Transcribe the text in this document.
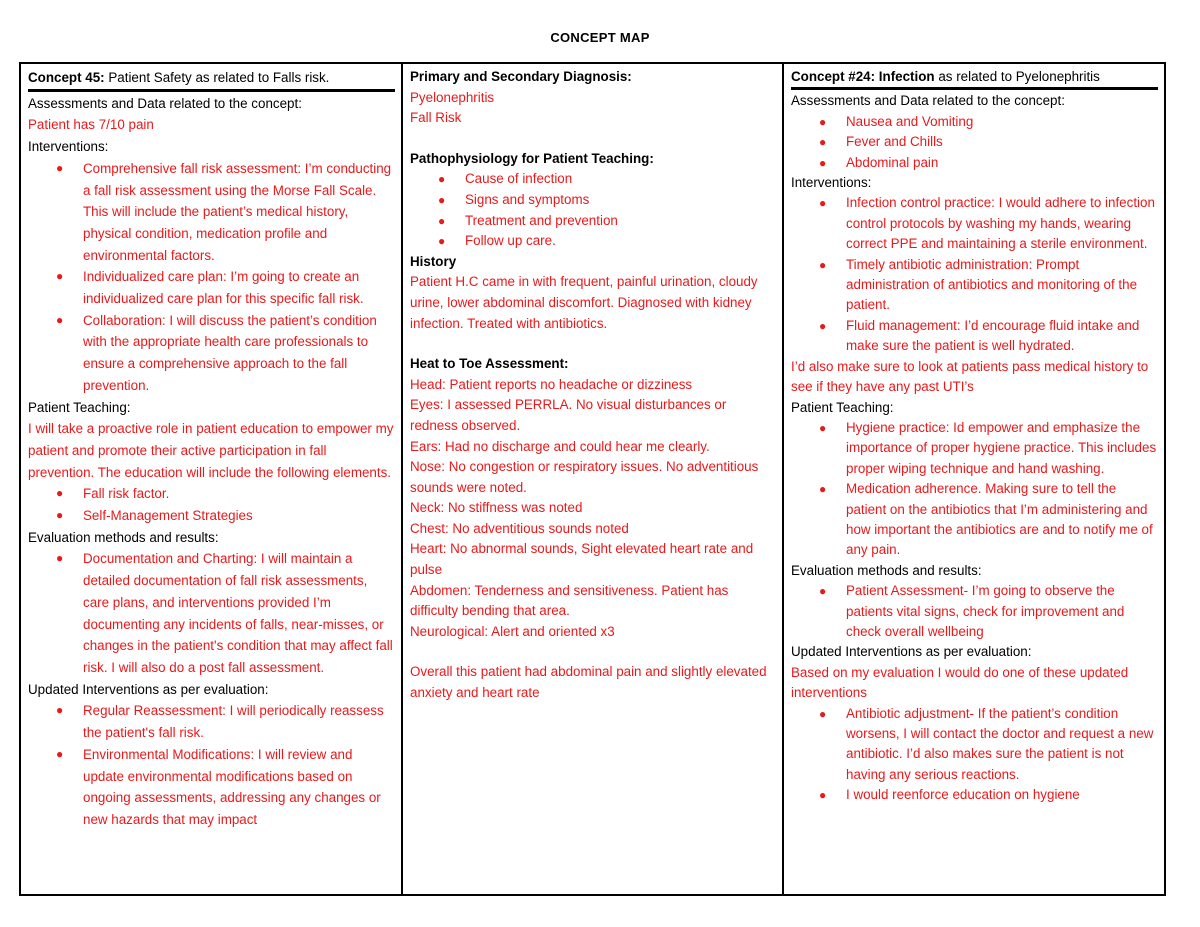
CONCEPT MAP
Concept 45: Patient Safety as related to Falls risk.

Assessments and Data related to the concept:

Patient has 7/10 pain

Interventions:

● Comprehensive fall risk assessment: I’m conducting a fall risk assessment using the Morse Fall Scale. This will include the patient’s medical history, physical condition, medication profile and environmental factors.
● Individualized care plan: I’m going to create an individualized care plan for this specific fall risk.
● Collaboration: I will discuss the patient’s condition with the appropriate health care professionals to ensure a comprehensive approach to the fall prevention.

Patient Teaching:

I will take a proactive role in patient education to empower my patient and promote their active participation in fall prevention. The education will include the following elements.

● Fall risk factor.
● Self-Management Strategies

Evaluation methods and results:

● Documentation and Charting: I will maintain a detailed documentation of fall risk assessments, care plans, and interventions provided I’m documenting any incidents of falls, near-misses, or changes in the patient's condition that may affect fall risk. I will also do a post fall assessment.

Updated Interventions as per evaluation:

● Regular Reassessment: I will periodically reassess the patient's fall risk.
● Environmental Modifications: I will review and update environmental modifications based on ongoing assessments, addressing any changes or new hazards that may impact

Primary and Secondary Diagnosis:

Pyelonephritis

Fall Risk

Pathophysiology for Patient Teaching:

● Cause of infection
● Signs and symptoms
● Treatment and prevention
● Follow up care.

History

Patient H.C came in with frequent, painful urination, cloudy urine, lower abdominal discomfort. Diagnosed with kidney infection. Treated with antibiotics.

Heat to Toe Assessment:

Head: Patient reports no headache or dizziness

Eyes: I assessed PERRLA. No visual disturbances or redness observed.

Ears: Had no discharge and could hear me clearly.

Nose: No congestion or respiratory issues. No adventitious sounds were noted.

Neck: No stiffness was noted

Chest: No adventitious sounds noted

Heart: No abnormal sounds, Sight elevated heart rate and pulse

Abdomen: Tenderness and sensitiveness. Patient has difficulty bending that area.

Neurological: Alert and oriented x3

Overall this patient had abdominal pain and slightly elevated anxiety and heart rate

Concept #24: Infection as related to Pyelonephritis

Assessments and Data related to the concept:

● Nausea and Vomiting
● Fever and Chills
● Abdominal pain

Interventions:

● Infection control practice: I would adhere to infection control protocols by washing my hands, wearing correct PPE and maintaining a sterile environment.
● Timely antibiotic administration: Prompt administration of antibiotics and monitoring of the patient.
● Fluid management: I’d encourage fluid intake and make sure the patient is well hydrated.

I’d also make sure to look at patients pass medical history to see if they have any past UTI’s

Patient Teaching:

● Hygiene practice: Id empower and emphasize the importance of proper hygiene practice. This includes proper wiping technique and hand washing.
● Medication adherence. Making sure to tell the patient on the antibiotics that I’m administering and how important the antibiotics are and to notify me of any pain.

Evaluation methods and results:

● Patient Assessment- I’m going to observe the patients vital signs, check for improvement and check overall wellbeing

Updated Interventions as per evaluation:

Based on my evaluation I would do one of these updated interventions

● Antibiotic adjustment- If the patient’s condition worsens, I will contact the doctor and request a new antibiotic. I’d also makes sure the patient is not having any serious reactions.
● I would reenforce education on hygiene
